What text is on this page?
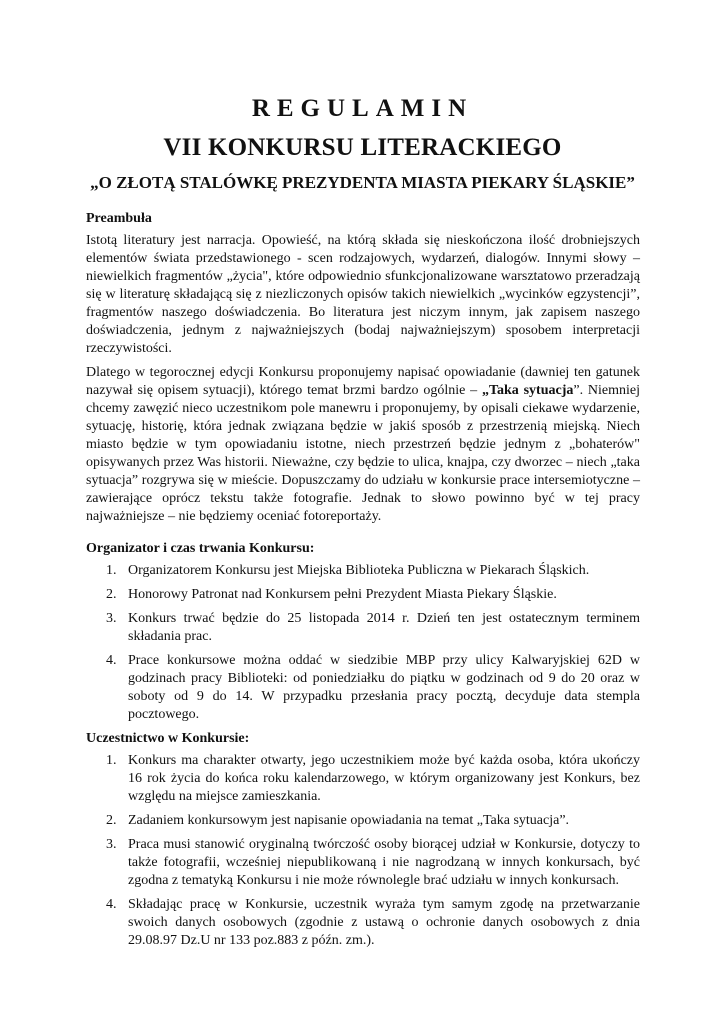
REGULAMIN
VII KONKURSU LITERACKIEGO
„O ZŁOTĄ STALÓWKĘ PREZYDENTA MIASTA PIEKARY ŚLĄSKIE”
Preambuła

Istotą literatury jest narracja. Opowieść, na którą składa się nieskończona ilość drobniejszych elementów świata przedstawionego - scen rodzajowych, wydarzeń, dialogów. Innymi słowy – niewielkich fragmentów „życia", które odpowiednio sfunkcjonalizowane warsztatowo przeradzają się w literaturę składającą się z niezliczonych opisów takich niewielkich „wycinków egzystencji”, fragmentów naszego doświadczenia. Bo literatura jest niczym innym, jak zapisem naszego doświadczenia, jednym z najważniejszych (bodaj najważniejszym) sposobem interpretacji rzeczywistości.

Dlatego w tegorocznej edycji Konkursu proponujemy napisać opowiadanie (dawniej ten gatunek nazywał się opisem sytuacji), którego temat brzmi bardzo ogólnie – „Taka sytuacja”. Niemniej chcemy zawęzić nieco uczestnikom pole manewru i proponujemy, by opisali ciekawe wydarzenie, sytuację, historię, która jednak związana będzie w jakiś sposób z przestrzenią miejską. Niech miasto będzie w tym opowiadaniu istotne, niech przestrzeń będzie jednym z „bohaterów" opisywanych przez Was historii. Nieważne, czy będzie to ulica, knajpa, czy dworzec – niech „taka sytuacja” rozgrywa się w mieście. Dopuszczamy do udziału w konkursie prace intersemiotyczne – zawierające oprócz tekstu także fotografie. Jednak to słowo powinno być w tej pracy najważniejsze – nie będziemy oceniać fotoreportaży.

Organizator i czas trwania Konkursu:
1. Organizatorem Konkursu jest Miejska Biblioteka Publiczna w Piekarach Śląskich.
2. Honorowy Patronat nad Konkursem pełni Prezydent Miasta Piekary Śląskie.
3. Konkurs trwać będzie do 25 listopada 2014 r. Dzień ten jest ostatecznym terminem składania prac.
4. Prace konkursowe można oddać w siedzibie MBP przy ulicy Kalwaryjskiej 62D w godzinach pracy Biblioteki: od poniedziałku do piątku w godzinach od 9 do 20 oraz w soboty od 9 do 14. W przypadku przesłania pracy pocztą, decyduje data stempla pocztowego.
Uczestnictwo w Konkursie:
1. Konkurs ma charakter otwarty, jego uczestnikiem może być każda osoba, która ukończy 16 rok życia do końca roku kalendarzowego, w którym organizowany jest Konkurs, bez względu na miejsce zamieszkania.
2. Zadaniem konkursowym jest napisanie opowiadania na temat „Taka sytuacja”.
3. Praca musi stanowić oryginalną twórczość osoby biorącej udział w Konkursie, dotyczy to także fotografii, wcześniej niepublikowaną i nie nagrodzaną w innych konkursach, być zgodna z tematyką Konkursu i nie może równolegle brać udziału w innych konkursach.
4. Składając pracę w Konkursie, uczestnik wyraża tym samym zgodę na przetwarzanie swoich danych osobowych (zgodnie z ustawą o ochronie danych osobowych z dnia 29.08.97 Dz.U nr 133 poz.883 z późn. zm.).
